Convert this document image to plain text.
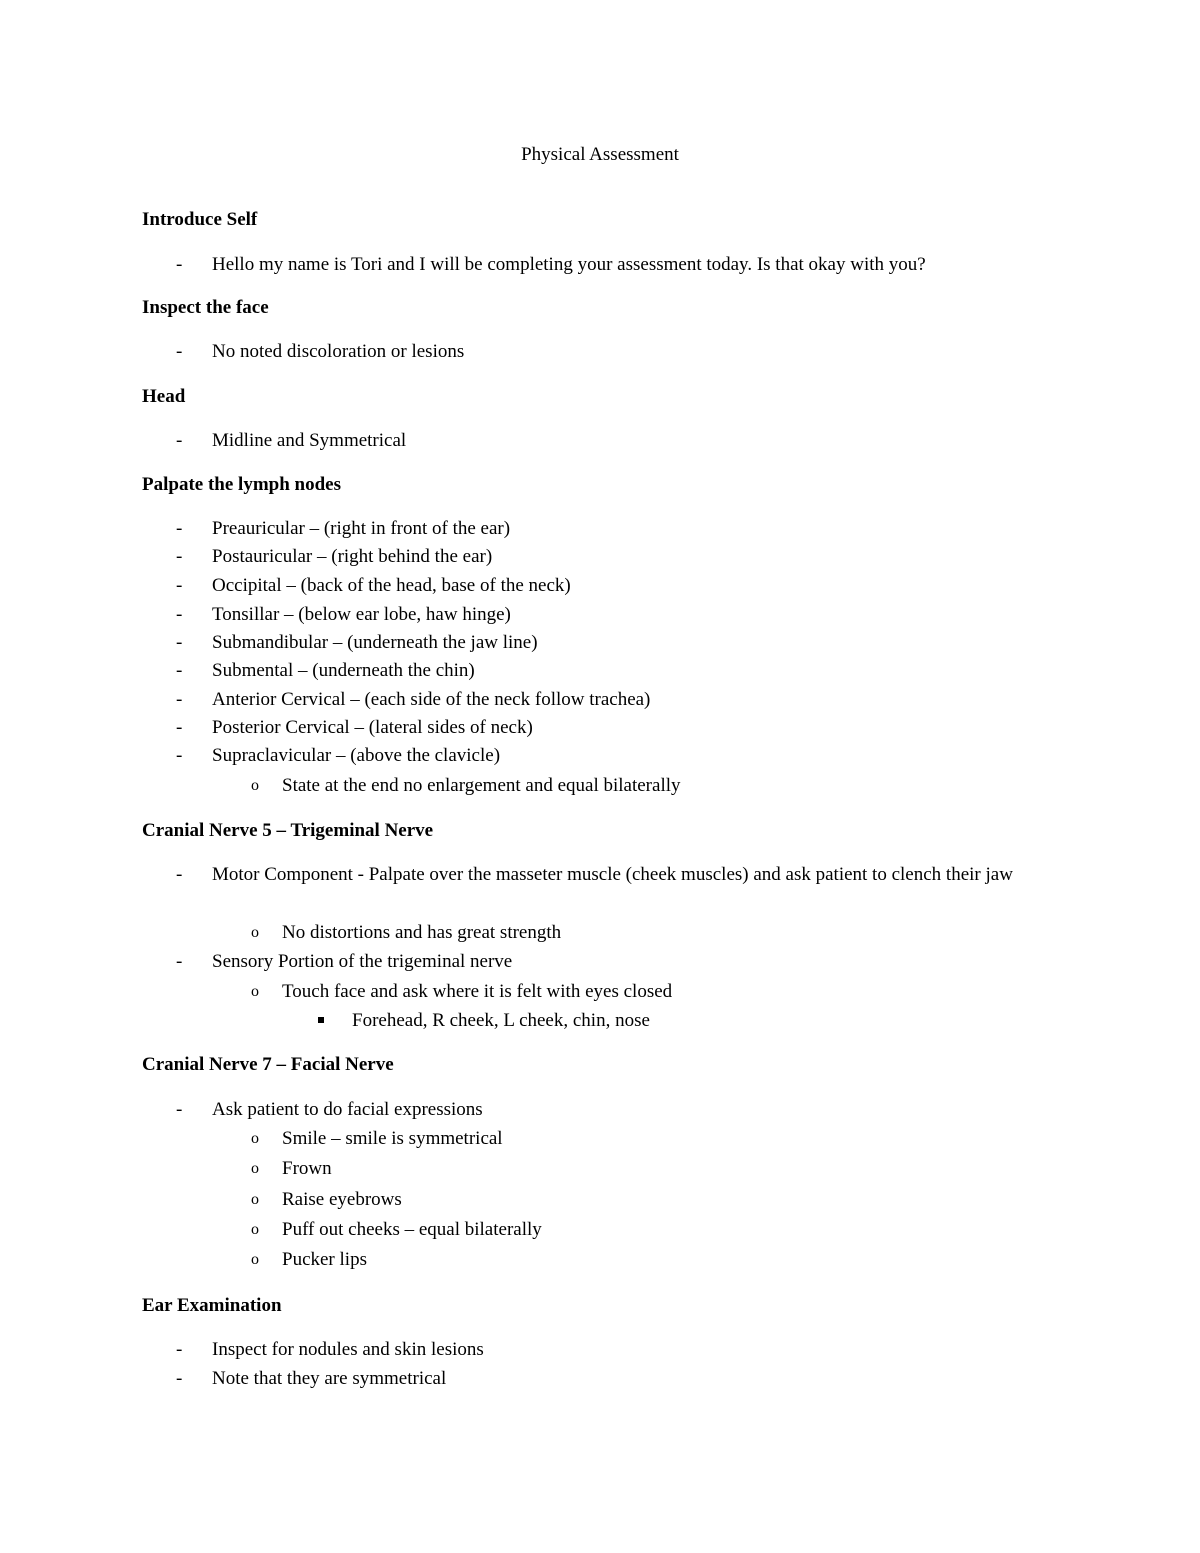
Physical Assessment
Introduce Self
- Hello my name is Tori and I will be completing your assessment today. Is that okay with you?
Inspect the face
- No noted discoloration or lesions
Head
- Midline and Symmetrical
Palpate the lymph nodes
- Preauricular – (right in front of the ear)
- Postauricular – (right behind the ear)
- Occipital – (back of the head, base of the neck)
- Tonsillar – (below ear lobe, haw hinge)
- Submandibular – (underneath the jaw line)
- Submental – (underneath the chin)
- Anterior Cervical – (each side of the neck follow trachea)
- Posterior Cervical – (lateral sides of neck)
- Supraclavicular – (above the clavicle)
o State at the end no enlargement and equal bilaterally
Cranial Nerve 5 – Trigeminal Nerve
- Motor Component - Palpate over the masseter muscle (cheek muscles) and ask patient to clench their jaw
o No distortions and has great strength
- Sensory Portion of the trigeminal nerve
o Touch face and ask where it is felt with eyes closed
Forehead, R cheek, L cheek, chin, nose
Cranial Nerve 7 – Facial Nerve
- Ask patient to do facial expressions
o Smile – smile is symmetrical
o Frown
o Raise eyebrows
o Puff out cheeks – equal bilaterally
o Pucker lips
Ear Examination
- Inspect for nodules and skin lesions
- Note that they are symmetrical
